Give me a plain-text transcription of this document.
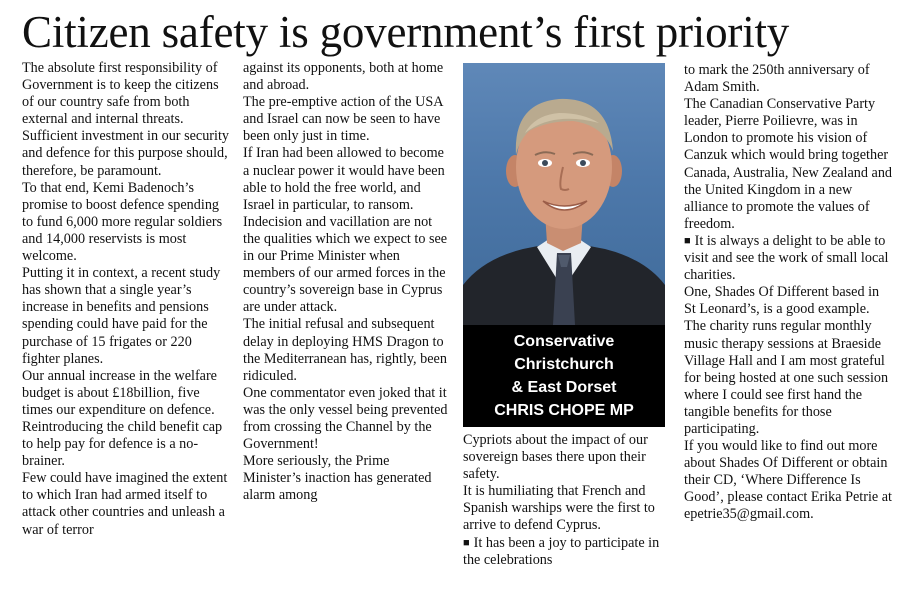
Citizen safety is government’s first priority

The absolute first responsibility of Government is to keep the citizens of our country safe from both external and internal threats.

Sufficient investment in our security and defence for this purpose should, therefore, be paramount.

To that end, Kemi Badenoch’s promise to boost defence spending to fund 6,000 more regular soldiers and 14,000 reservists is most welcome.

Putting it in context, a recent study has shown that a single year’s increase in benefits and pensions spending could have paid for the purchase of 15 frigates or 220 fighter planes.

Our annual increase in the welfare budget is about £18billion, five times our expenditure on defence.

Reintroducing the child benefit cap to help pay for defence is a no-brainer.

Few could have imagined the extent to which Iran had armed itself to attack other countries and unleash a war of terror

against its opponents, both at home and abroad.

The pre-emptive action of the USA and Israel can now be seen to have been only just in time.

If Iran had been allowed to become a nuclear power it would have been able to hold the free world, and Israel in particular, to ransom.

Indecision and vacillation are not the qualities which we expect to see in our Prime Minister when members of our armed forces in the country’s sovereign base in Cyprus are under attack.

The initial refusal and subsequent delay in deploying HMS Dragon to the Mediterranean has, rightly, been ridiculed.

One commentator even joked that it was the only vessel being prevented from crossing the Channel by the Government!

More seriously, the Prime Minister’s inaction has generated alarm among

Conservative
Christchurch
& East Dorset
CHRIS CHOPE MP

Cypriots about the impact of our sovereign bases there upon their safety.

It is humiliating that French and Spanish warships were the first to arrive to defend Cyprus.

■ It has been a joy to participate in the celebrations

to mark the 250th anniversary of Adam Smith.

The Canadian Conservative Party leader, Pierre Poilievre, was in London to promote his vision of Canzuk which would bring together Canada, Australia, New Zealand and the United Kingdom in a new alliance to promote the values of freedom.

■ It is always a delight to be able to visit and see the work of small local charities.

One, Shades Of Different based in St Leonard’s, is a good example.

The charity runs regular monthly music therapy sessions at Braeside Village Hall and I am most grateful for being hosted at one such session where I could see first hand the tangible benefits for those participating.

If you would like to find out more about Shades Of Different or obtain their CD, ‘Where Difference Is Good’, please contact Erika Petrie at epetrie35@gmail.com.
